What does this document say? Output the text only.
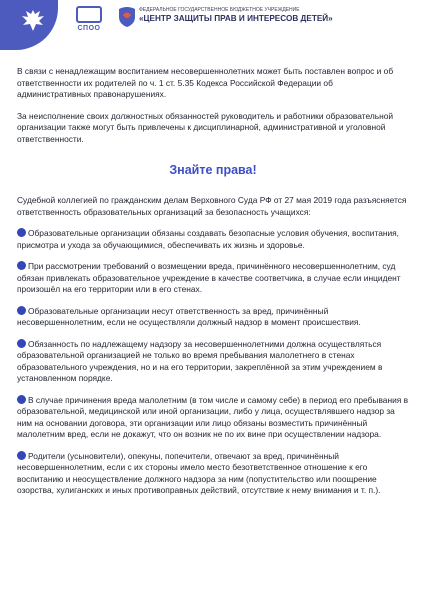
СПОО
ФЕДЕРАЛЬНОЕ ГОСУДАРСТВЕННОЕ БЮДЖЕТНОЕ УЧРЕЖДЕНИЕ
«ЦЕНТР ЗАЩИТЫ ПРАВ И ИНТЕРЕСОВ ДЕТЕЙ»

В связи с ненадлежащим воспитанием несовершеннолетних может быть поставлен вопрос и об ответственности их родителей по ч. 1 ст. 5.35 Кодекса Российской Федерации об административных правонарушениях.

За неисполнение своих должностных обязанностей руководитель и работники образовательной организации также могут быть привлечены к дисциплинарной, административной и уголовной ответственности.

Знайте права!

Судебной коллегией по гражданским делам Верховного Суда РФ от 27 мая 2019 года разъясняется ответственность образовательных организаций за безопасность учащихся:

Образовательные организации обязаны создавать безопасные условия обучения, воспитания, присмотра и ухода за обучающимися, обеспечивать их жизнь и здоровье.
При рассмотрении требований о возмещении вреда, причинённого несовершеннолетним, суд обязан привлекать образовательное учреждение в качестве соответчика, в случае если инцидент произошёл на его территории или в его стенах.
Образовательные организации несут ответственность за вред, причинённый несовершеннолетним, если не осуществляли должный надзор в момент происшествия.
Обязанность по надлежащему надзору за несовершеннолетними должна осуществляться образовательной организацией не только во время пребывания малолетнего в стенах образовательного учреждения, но и на его территории, закреплённой за этим учреждением в установленном порядке.
В случае причинения вреда малолетним (в том числе и самому себе) в период его пребывания в образовательной, медицинской или иной организации, либо у лица, осуществлявшего надзор за ним на основании договора, эти организации или лицо обязаны возместить причинённый малолетним вред, если не докажут, что он возник не по их вине при осуществлении надзора.
Родители (усыновители), опекуны, попечители, отвечают за вред, причинённый несовершеннолетним, если с их стороны имело место безответственное отношение к его воспитанию и неосуществление должного надзора за ним (попустительство или поощрение озорства, хулиганских и иных противоправных действий, отсутствие к нему внимания и т. п.).
